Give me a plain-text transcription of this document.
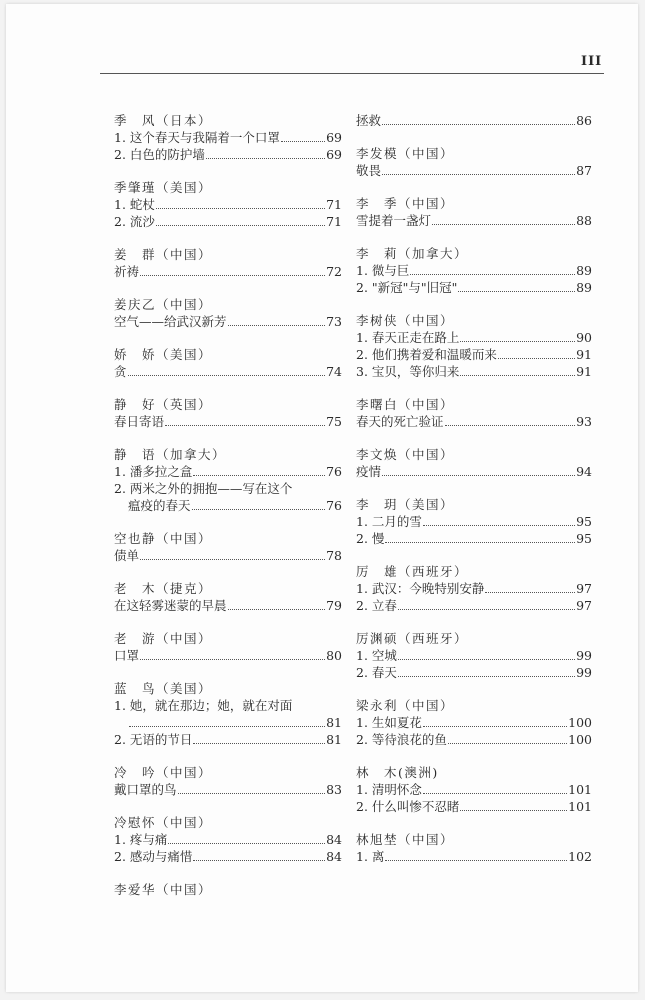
III
季　风（日本）
1. 这个春天与我隔着一个口罩	69
2. 白色的防护墙	69
季肇瑾（美国）
1. 蛇杖	71
2. 流沙	71
姜　群（中国）
祈祷	72
姜庆乙（中国）
空气——给武汉新芳	73
娇　娇（美国）
贪	74
静　好（英国）
春日寄语	75
静　语（加拿大）
1. 潘多拉之盒	76
2. 两米之外的拥抱——写在这个
瘟疫的春天	76
空也静（中国）
债单	78
老　木（捷克）
在这轻雾迷蒙的早晨	79
老　游（中国）
口罩	80
蓝　鸟（美国）
1. 她，就在那边；她，就在对面
81
2. 无语的节日	81
冷　吟（中国）
戴口罩的鸟	83
冷慰怀（中国）
1. 疼与痛	84
2. 感动与痛惜	84
李爱华（中国）
拯救	86
李发模（中国）
敬畏	87
李　季（中国）
雪提着一盏灯	88
李　莉（加拿大）
1. 微与巨	89
2. "新冠"与"旧冠"	89
李树侠（中国）
1. 春天正走在路上	90
2. 他们携着爱和温暖而来	91
3. 宝贝，等你归来	91
李曙白（中国）
春天的死亡验证	93
李文焕（中国）
疫情	94
李　玥（美国）
1. 二月的雪	95
2. 慢	95
厉　雄（西班牙）
1. 武汉：今晚特别安静	97
2. 立春	97
厉渊硕（西班牙）
1. 空城	99
2. 春天	99
梁永利（中国）
1. 生如夏花	100
2. 等待浪花的鱼	100
林　木(澳洲)
1. 清明怀念	101
2. 什么叫惨不忍睹	101
林旭埜（中国）
1. 离	102
